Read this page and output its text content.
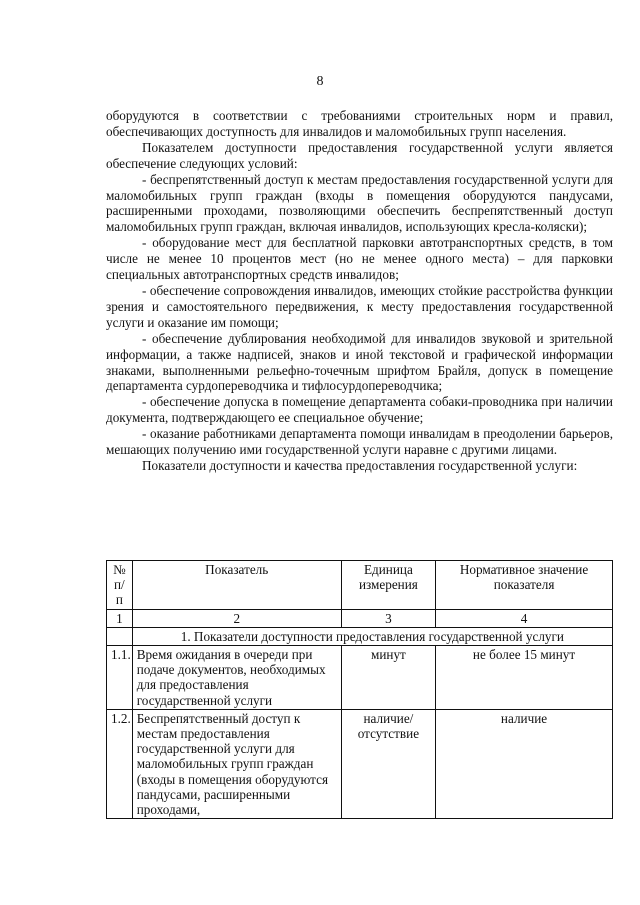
8

оборудуются в соответствии с требованиями строительных норм и правил, обеспечивающих доступность для инвалидов и маломобильных групп населения.

Показателем доступности предоставления государственной услуги является обеспечение следующих условий:

- беспрепятственный доступ к местам предоставления государственной услуги для маломобильных групп граждан (входы в помещения оборудуются пандусами, расширенными проходами, позволяющими обеспечить беспрепятственный доступ маломобильных групп граждан, включая инвалидов, использующих кресла-коляски);

- оборудование мест для бесплатной парковки автотранспортных средств, в том числе не менее 10 процентов мест (но не менее одного места) – для парковки специальных автотранспортных средств инвалидов;

- обеспечение сопровождения инвалидов, имеющих стойкие расстройства функции зрения и самостоятельного передвижения, к месту предоставления государственной услуги и оказание им помощи;

- обеспечение дублирования необходимой для инвалидов звуковой и зрительной информации, а также надписей, знаков и иной текстовой и графической информации знаками, выполненными рельефно-точечным шрифтом Брайля, допуск в помещение департамента сурдопереводчика и тифлосурдопереводчика;

- обеспечение допуска в помещение департамента собаки-проводника при наличии документа, подтверждающего ее специальное обучение;

- оказание работниками департамента помощи инвалидам в преодолении барьеров, мешающих получению ими государственной услуги наравне с другими лицами.

Показатели доступности и качества предоставления государственной услуги:

№ п/п	Показатель	Единица измерения	Нормативное значение показателя
1	2	3	4
	1. Показатели доступности предоставления государственной услуги		
1.1.	Время ожидания в очереди при подаче документов, необходимых для предоставления государственной услуги	минут	не более 15 минут
1.2.	Беспрепятственный доступ к местам предоставления государственной услуги для маломобильных групп граждан (входы в помещения оборудуются пандусами, расширенными проходами,	наличие/ отсутствие	наличие
